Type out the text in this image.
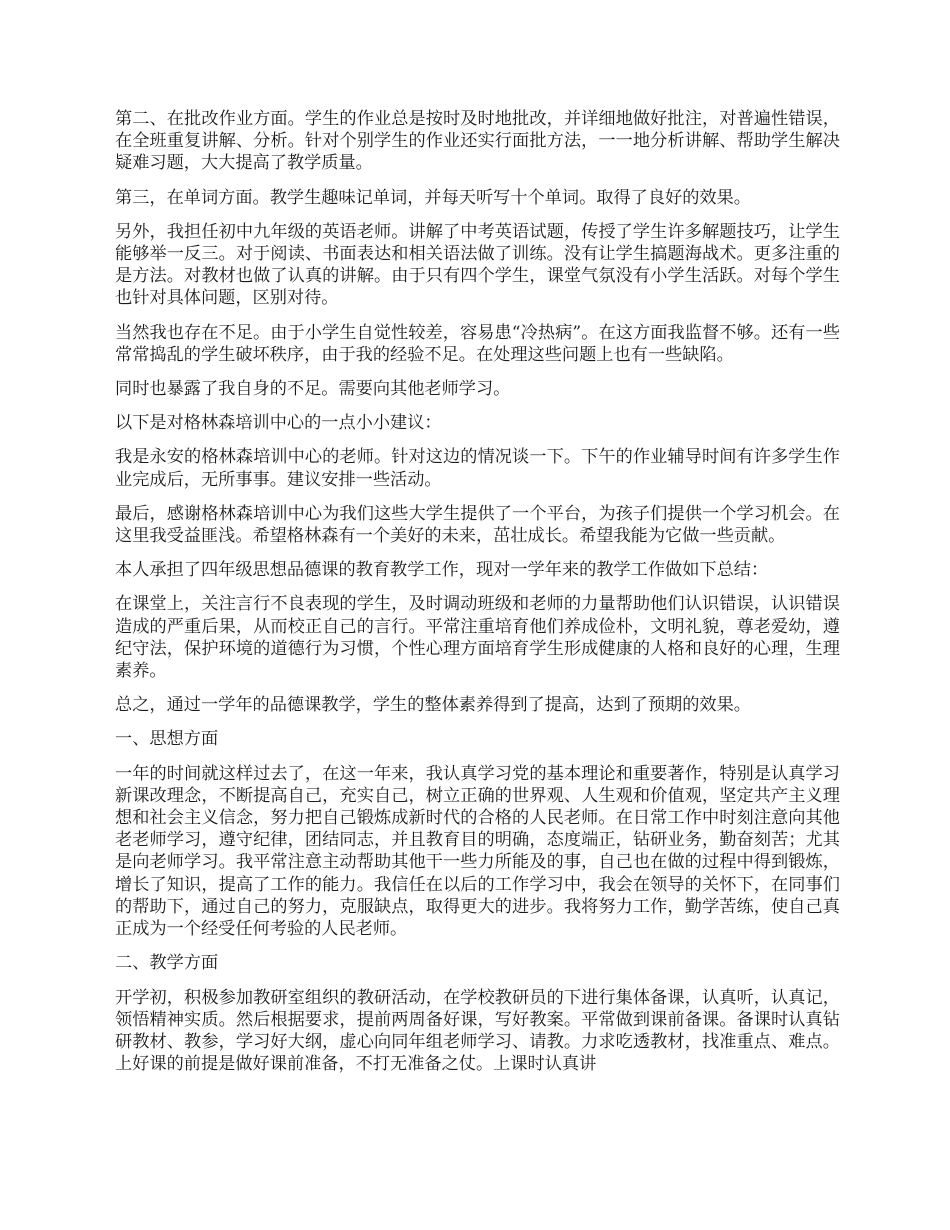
第二、在批改作业方面。学生的作业总是按时及时地批改，并详细地做好批注，对普遍性错误，在全班重复讲解、分析。针对个别学生的作业还实行面批方法，一一地分析讲解、帮助学生解决疑难习题，大大提高了教学质量。

第三，在单词方面。教学生趣味记单词，并每天听写十个单词。取得了良好的效果。

另外，我担任初中九年级的英语老师。讲解了中考英语试题，传授了学生许多解题技巧，让学生能够举一反三。对于阅读、书面表达和相关语法做了训练。没有让学生搞题海战术。更多注重的是方法。对教材也做了认真的讲解。由于只有四个学生，课堂气氛没有小学生活跃。对每个学生也针对具体问题，区别对待。

当然我也存在不足。由于小学生自觉性较差，容易患“冷热病”。在这方面我监督不够。还有一些常常捣乱的学生破坏秩序，由于我的经验不足。在处理这些问题上也有一些缺陷。

同时也暴露了我自身的不足。需要向其他老师学习。

以下是对格林森培训中心的一点小小建议：

我是永安的格林森培训中心的老师。针对这边的情况谈一下。下午的作业辅导时间有许多学生作业完成后，无所事事。建议安排一些活动。

最后，感谢格林森培训中心为我们这些大学生提供了一个平台，为孩子们提供一个学习机会。在这里我受益匪浅。希望格林森有一个美好的未来，茁壮成长。希望我能为它做一些贡献。

本人承担了四年级思想品德课的教育教学工作，现对一学年来的教学工作做如下总结：

在课堂上，关注言行不良表现的学生，及时调动班级和老师的力量帮助他们认识错误，认识错误造成的严重后果，从而校正自己的言行。平常注重培育他们养成俭朴，文明礼貌，尊老爱幼，遵纪守法，保护环境的道德行为习惯，个性心理方面培育学生形成健康的人格和良好的心理，生理素养。

总之，通过一学年的品德课教学，学生的整体素养得到了提高，达到了预期的效果。

一、思想方面

一年的时间就这样过去了，在这一年来，我认真学习党的基本理论和重要著作，特别是认真学习新课改理念，不断提高自己，充实自己，树立正确的世界观、人生观和价值观，坚定共产主义理想和社会主义信念，努力把自己锻炼成新时代的合格的人民老师。在日常工作中时刻注意向其他老老师学习，遵守纪律，团结同志，并且教育目的明确，态度端正，钻研业务，勤奋刻苦；尤其是向老师学习。我平常注意主动帮助其他干一些力所能及的事，自己也在做的过程中得到锻炼，增长了知识，提高了工作的能力。我信任在以后的工作学习中，我会在领导的关怀下，在同事们的帮助下，通过自己的努力，克服缺点，取得更大的进步。我将努力工作，勤学苦练，使自己真正成为一个经受任何考验的人民老师。

二、教学方面

开学初，积极参加教研室组织的教研活动，在学校教研员的下进行集体备课，认真听，认真记，领悟精神实质。然后根据要求，提前两周备好课，写好教案。平常做到课前备课。备课时认真钻研教材、教参，学习好大纲，虚心向同年组老师学习、请教。力求吃透教材，找准重点、难点。上好课的前提是做好课前准备，不打无准备之仗。上课时认真讲
